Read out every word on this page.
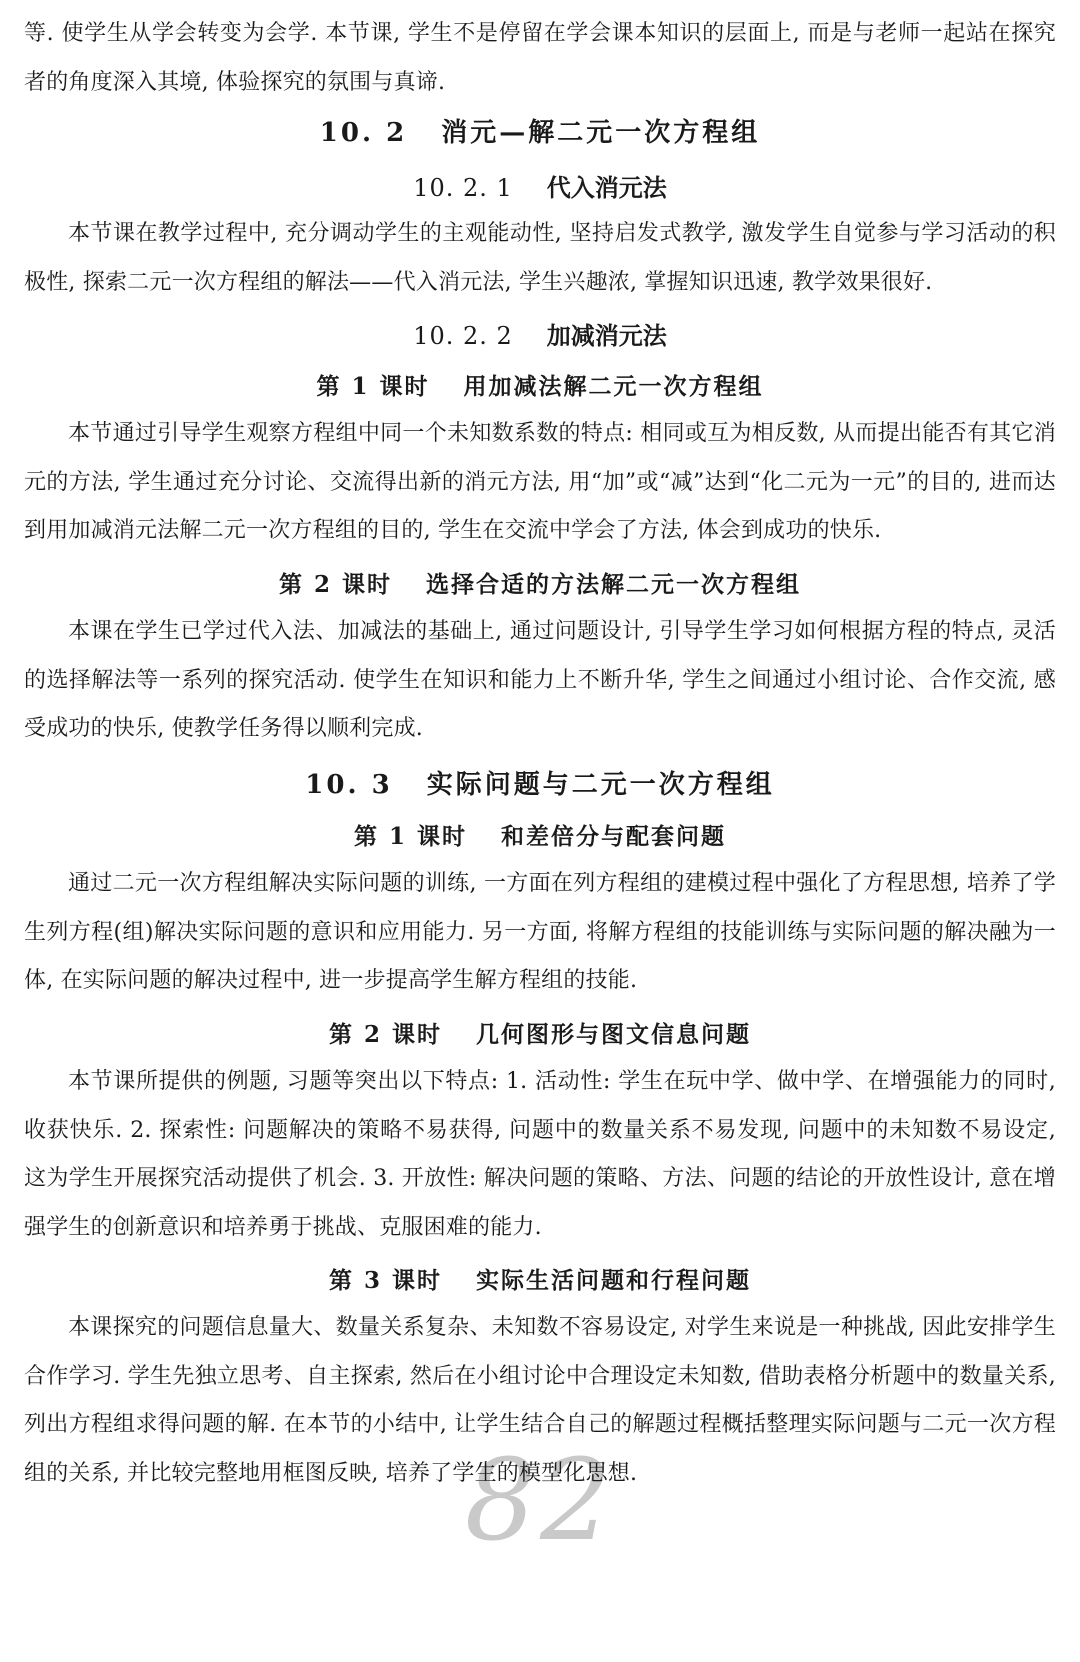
82

等. 使学生从学会转变为会学. 本节课, 学生不是停留在学会课本知识的层面上, 而是与老师一起站在探究者的角度深入其境, 体验探究的氛围与真谛.

10. 2 消元—解二元一次方程组
10. 2. 1 代入消元法

本节课在教学过程中, 充分调动学生的主观能动性, 坚持启发式教学, 激发学生自觉参与学习活动的积极性, 探索二元一次方程组的解法——代入消元法, 学生兴趣浓, 掌握知识迅速, 教学效果很好.

10. 2. 2 加减消元法
第 1 课时 用加减法解二元一次方程组

本节通过引导学生观察方程组中同一个未知数系数的特点: 相同或互为相反数, 从而提出能否有其它消元的方法, 学生通过充分讨论、交流得出新的消元方法, 用“加”或“减”达到“化二元为一元”的目的, 进而达到用加减消元法解二元一次方程组的目的, 学生在交流中学会了方法, 体会到成功的快乐.

第 2 课时 选择合适的方法解二元一次方程组

本课在学生已学过代入法、加减法的基础上, 通过问题设计, 引导学生学习如何根据方程的特点, 灵活的选择解法等一系列的探究活动. 使学生在知识和能力上不断升华, 学生之间通过小组讨论、合作交流, 感受成功的快乐, 使教学任务得以顺利完成.

10. 3 实际问题与二元一次方程组
第 1 课时 和差倍分与配套问题

通过二元一次方程组解决实际问题的训练, 一方面在列方程组的建模过程中强化了方程思想, 培养了学生列方程(组)解决实际问题的意识和应用能力. 另一方面, 将解方程组的技能训练与实际问题的解决融为一体, 在实际问题的解决过程中, 进一步提高学生解方程组的技能.

第 2 课时 几何图形与图文信息问题

本节课所提供的例题, 习题等突出以下特点: 1. 活动性: 学生在玩中学、做中学、在增强能力的同时, 收获快乐. 2. 探索性: 问题解决的策略不易获得, 问题中的数量关系不易发现, 问题中的未知数不易设定, 这为学生开展探究活动提供了机会. 3. 开放性: 解决问题的策略、方法、问题的结论的开放性设计, 意在增强学生的创新意识和培养勇于挑战、克服困难的能力.

第 3 课时 实际生活问题和行程问题

本课探究的问题信息量大、数量关系复杂、未知数不容易设定, 对学生来说是一种挑战, 因此安排学生合作学习. 学生先独立思考、自主探索, 然后在小组讨论中合理设定未知数, 借助表格分析题中的数量关系, 列出方程组求得问题的解. 在本节的小结中, 让学生结合自己的解题过程概括整理实际问题与二元一次方程组的关系, 并比较完整地用框图反映, 培养了学生的模型化思想.
